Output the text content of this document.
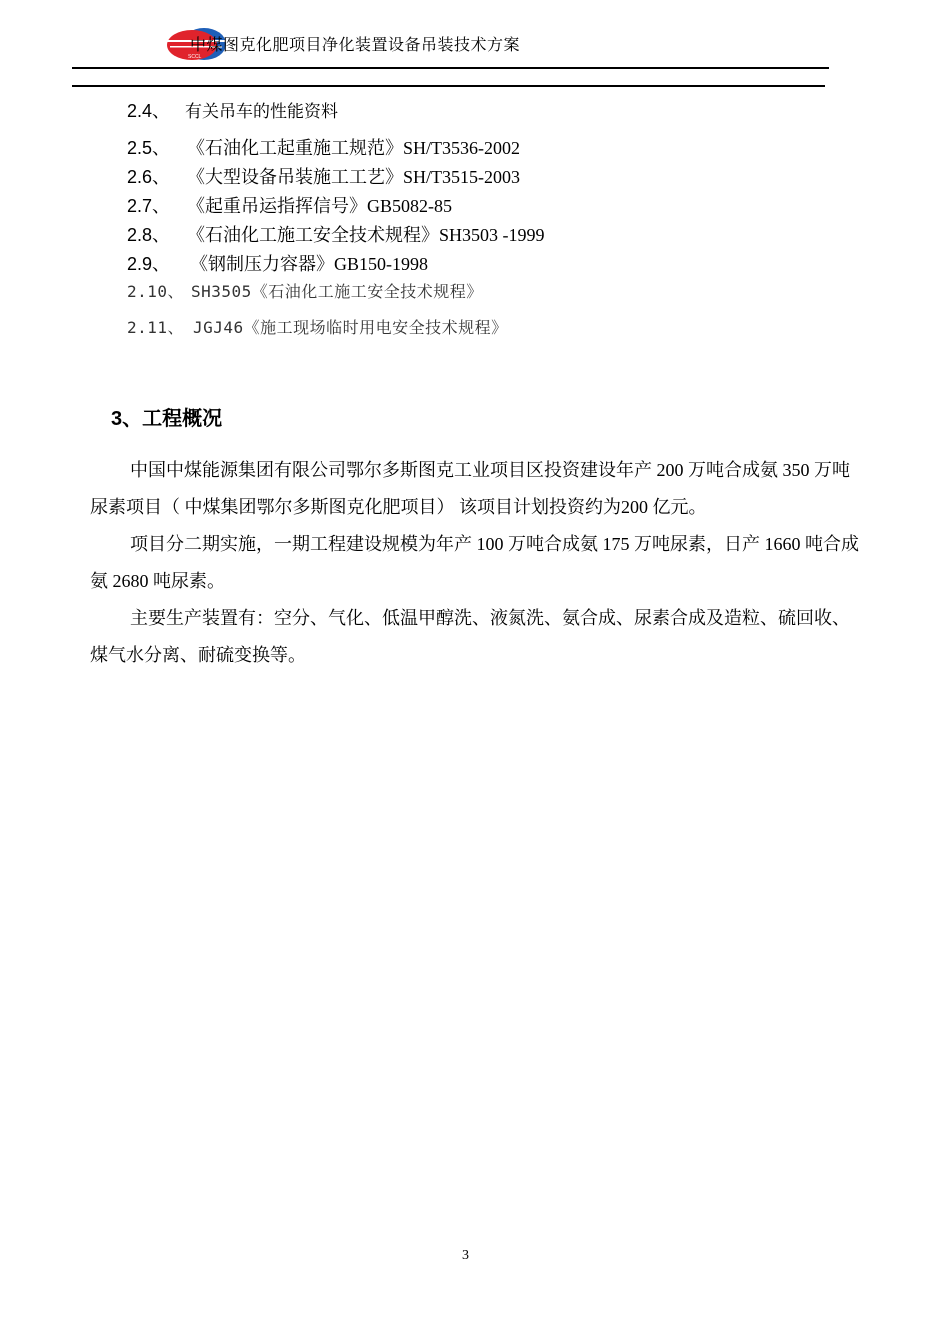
SCCL
中煤图克化肥项目净化装置设备吊装技术方案
2.4、 有关吊车的性能资料
2.5、 《石油化工起重施工规范》SH/T3536-2002
2.6、 《大型设备吊装施工工艺》SH/T3515-2003
2.7、 《起重吊运指挥信号》GB5082-85
2.8、 《石油化工施工安全技术规程》SH3503 -1999
2.9、 《钢制压力容器》GB150-1998
2.10、 SH3505《石油化工施工安全技术规程》
2.11、 JGJ46《施工现场临时用电安全技术规程》
3、工程概况

中国中煤能源集团有限公司鄂尔多斯图克工业项目区投资建设年产 200 万吨合成氨 350 万吨尿素项目（ 中煤集团鄂尔多斯图克化肥项目） 该项目计划投资约为200 亿元。

项目分二期实施，一期工程建设规模为年产 100 万吨合成氨 175 万吨尿素，日产 1660 吨合成氨 2680 吨尿素。

主要生产装置有：空分、气化、低温甲醇洗、液氮洗、氨合成、尿素合成及造粒、硫回收、煤气水分离、耐硫变换等。

3
